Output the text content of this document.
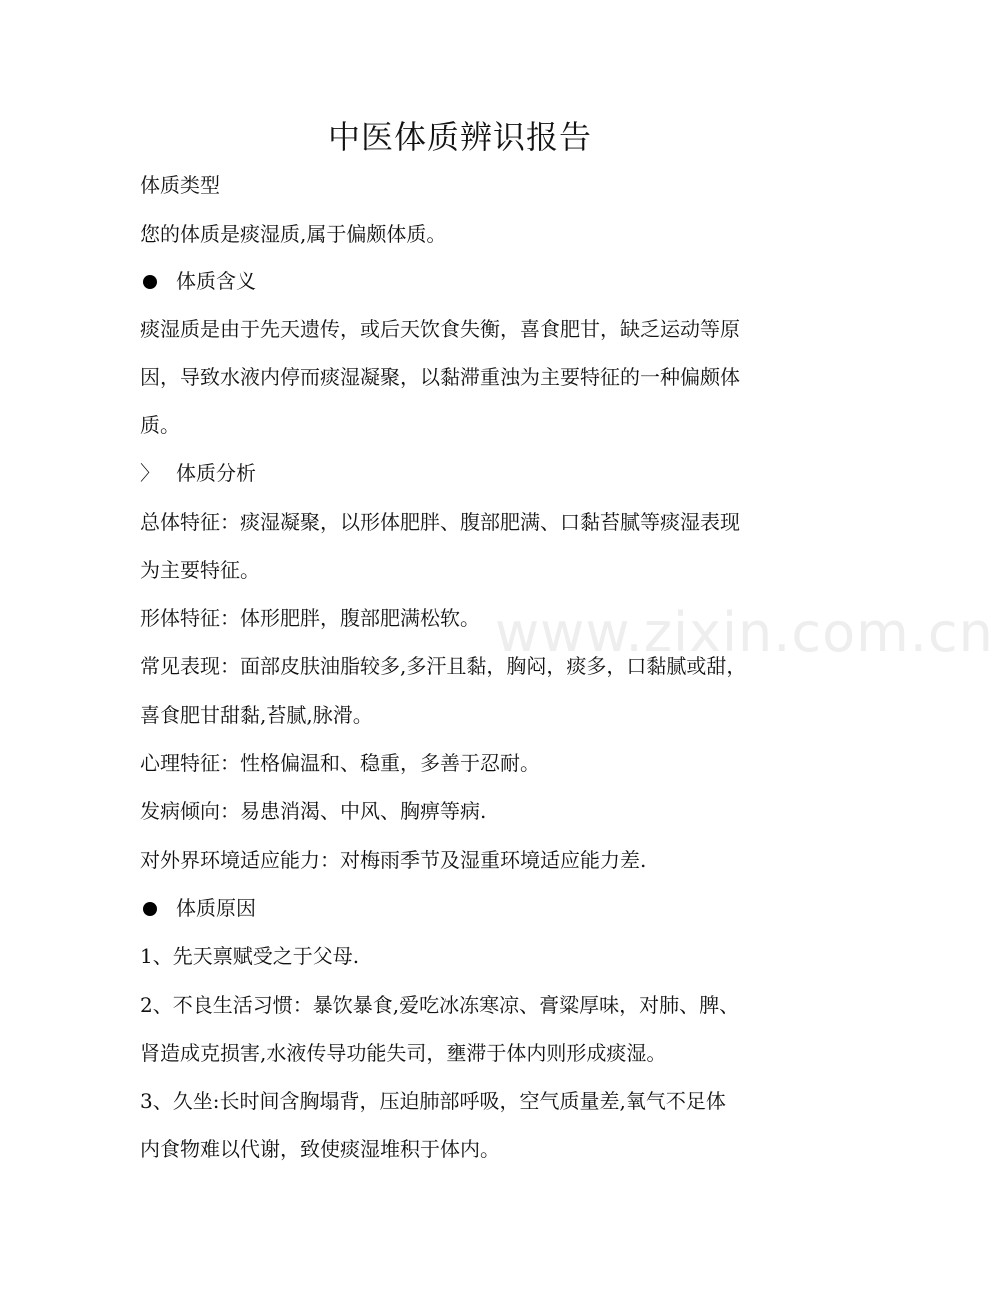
www.zixin.com.cn
中医体质辨识报告

体质类型

您的体质是痰湿质,属于偏颇体质。

体质含义

痰湿质是由于先天遗传，或后天饮食失衡，喜食肥甘，缺乏运动等原

因，导致水液内停而痰湿凝聚，以黏滞重浊为主要特征的一种偏颇体

质。

〉 体质分析

总体特征：痰湿凝聚，以形体肥胖、腹部肥满、口黏苔腻等痰湿表现

为主要特征。

形体特征：体形肥胖，腹部肥满松软。

常见表现：面部皮肤油脂较多,多汗且黏，胸闷，痰多，口黏腻或甜，

喜食肥甘甜黏,苔腻,脉滑。

心理特征：性格偏温和、稳重，多善于忍耐。

发病倾向：易患消渴、中风、胸痹等病.

对外界环境适应能力：对梅雨季节及湿重环境适应能力差.

体质原因

1、先天禀赋受之于父母.

2、不良生活习惯：暴饮暴食,爱吃冰冻寒凉、膏粱厚味，对肺、脾、

肾造成克损害,水液传导功能失司，壅滞于体内则形成痰湿。

3、久坐:长时间含胸塌背，压迫肺部呼吸，空气质量差,氧气不足体

内食物难以代谢，致使痰湿堆积于体内。
